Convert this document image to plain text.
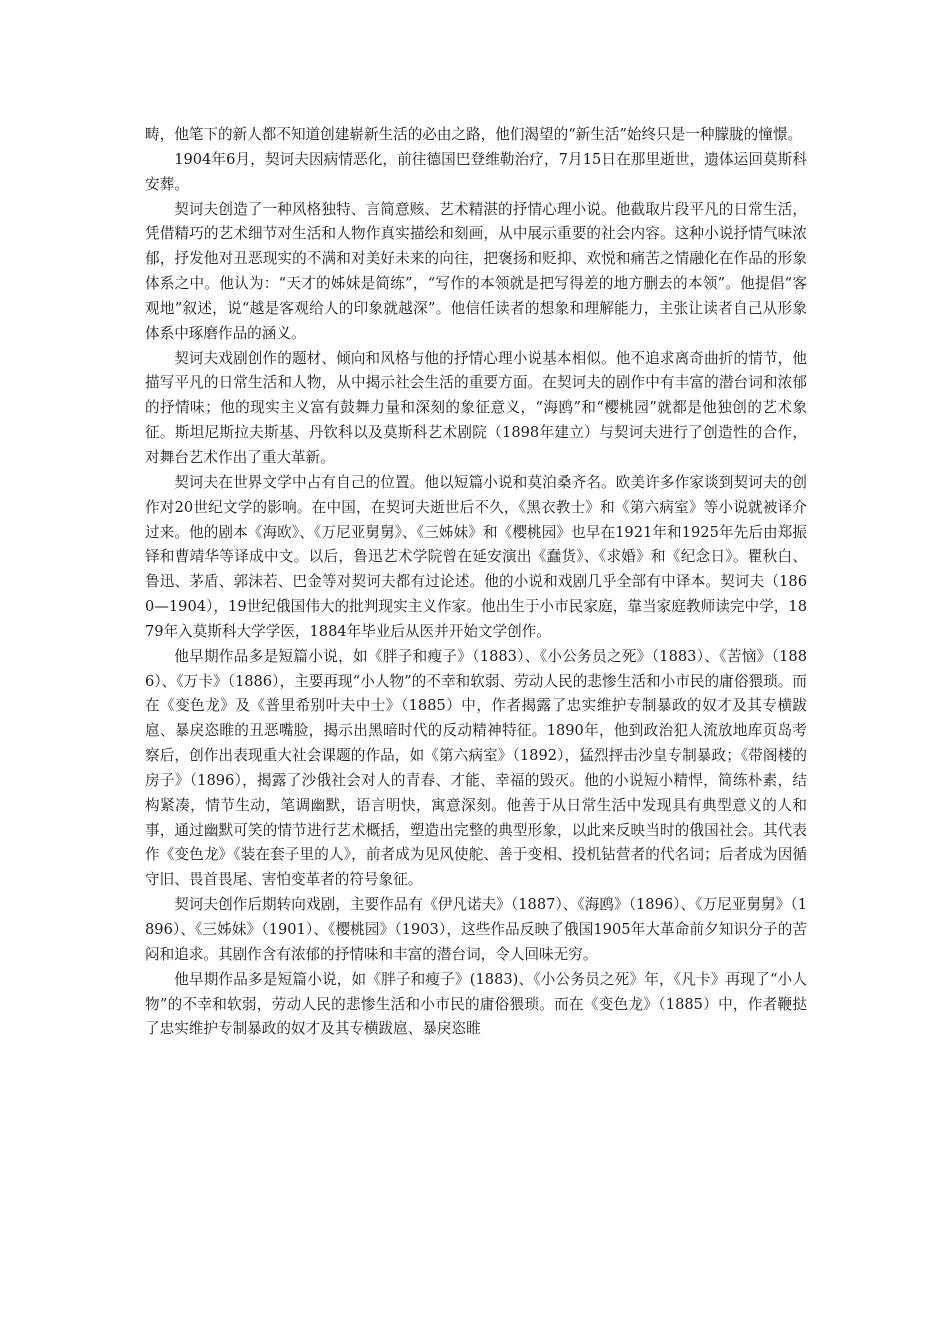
畴，他笔下的新人都不知道创建崭新生活的必由之路，他们渴望的“新生活”始终只是一种朦胧的憧憬。

1904年6月，契诃夫因病情恶化，前往德国巴登维勒治疗，7月15日在那里逝世，遗体运回莫斯科安葬。

契诃夫创造了一种风格独特、言简意赅、艺术精湛的抒情心理小说。他截取片段平凡的日常生活，凭借精巧的艺术细节对生活和人物作真实描绘和刻画，从中展示重要的社会内容。这种小说抒情气味浓郁，抒发他对丑恶现实的不满和对美好未来的向往，把褒扬和贬抑、欢悦和痛苦之情融化在作品的形象体系之中。他认为：“天才的姊妹是简练”，“写作的本领就是把写得差的地方删去的本领”。他提倡“客观地”叙述，说“越是客观给人的印象就越深”。他信任读者的想象和理解能力，主张让读者自己从形象体系中琢磨作品的涵义。

契诃夫戏剧创作的题材、倾向和风格与他的抒情心理小说基本相似。他不追求离奇曲折的情节，他描写平凡的日常生活和人物，从中揭示社会生活的重要方面。在契诃夫的剧作中有丰富的潜台词和浓郁的抒情味；他的现实主义富有鼓舞力量和深刻的象征意义，“海鸥”和“樱桃园”就都是他独创的艺术象征。斯坦尼斯拉夫斯基、丹钦科以及莫斯科艺术剧院（1898年建立）与契诃夫进行了创造性的合作，对舞台艺术作出了重大革新。

契诃夫在世界文学中占有自己的位置。他以短篇小说和莫泊桑齐名。欧美许多作家谈到契诃夫的创作对20世纪文学的影响。在中国，在契诃夫逝世后不久，《黑衣教士》和《第六病室》等小说就被译介过来。他的剧本《海欧》、《万尼亚舅舅》、《三姊妹》和《樱桃园》也早在1921年和1925年先后由郑振铎和曹靖华等译成中文。以后，鲁迅艺术学院曾在延安演出《蠢货》、《求婚》和《纪念日》。瞿秋白、鲁迅、茅盾、郭沫若、巴金等对契诃夫都有过论述。他的小说和戏剧几乎全部有中译本。契诃夫（1860—1904），19世纪俄国伟大的批判现实主义作家。他出生于小市民家庭，靠当家庭教师读完中学，1879年入莫斯科大学学医，1884年毕业后从医并开始文学创作。

他早期作品多是短篇小说，如《胖子和瘦子》（1883）、《小公务员之死》（1883）、《苦恼》（1886）、《万卡》（1886），主要再现“小人物”的不幸和软弱、劳动人民的悲惨生活和小市民的庸俗猥琐。而在《变色龙》及《普里希别叶夫中士》（1885）中，作者揭露了忠实维护专制暴政的奴才及其专横跋扈、暴戾恣睢的丑恶嘴脸，揭示出黑暗时代的反动精神特征。1890年，他到政治犯人流放地库页岛考察后，创作出表现重大社会课题的作品，如《第六病室》（1892），猛烈抨击沙皇专制暴政；《带阁楼的房子》（1896），揭露了沙俄社会对人的青春、才能、幸福的毁灭。他的小说短小精悍，简练朴素，结构紧凑，情节生动，笔调幽默，语言明快，寓意深刻。他善于从日常生活中发现具有典型意义的人和事，通过幽默可笑的情节进行艺术概括，塑造出完整的典型形象，以此来反映当时的俄国社会。其代表作《变色龙》《装在套子里的人》，前者成为见风使舵、善于变相、投机钻营者的代名词；后者成为因循守旧、畏首畏尾、害怕变革者的符号象征。

契诃夫创作后期转向戏剧，主要作品有《伊凡诺夫》（1887）、《海鸥》（1896）、《万尼亚舅舅》（1896）、《三姊妹》（1901）、《樱桃园》（1903），这些作品反映了俄国1905年大革命前夕知识分子的苦闷和追求。其剧作含有浓郁的抒情味和丰富的潜台词，令人回味无穷。

他早期作品多是短篇小说，如《胖子和瘦子》(1883)、《小公务员之死》年，《凡卡》再现了“小人物”的不幸和软弱，劳动人民的悲惨生活和小市民的庸俗猥琐。而在《变色龙》（1885）中，作者鞭挞了忠实维护专制暴政的奴才及其专横跋扈、暴戾恣睢
